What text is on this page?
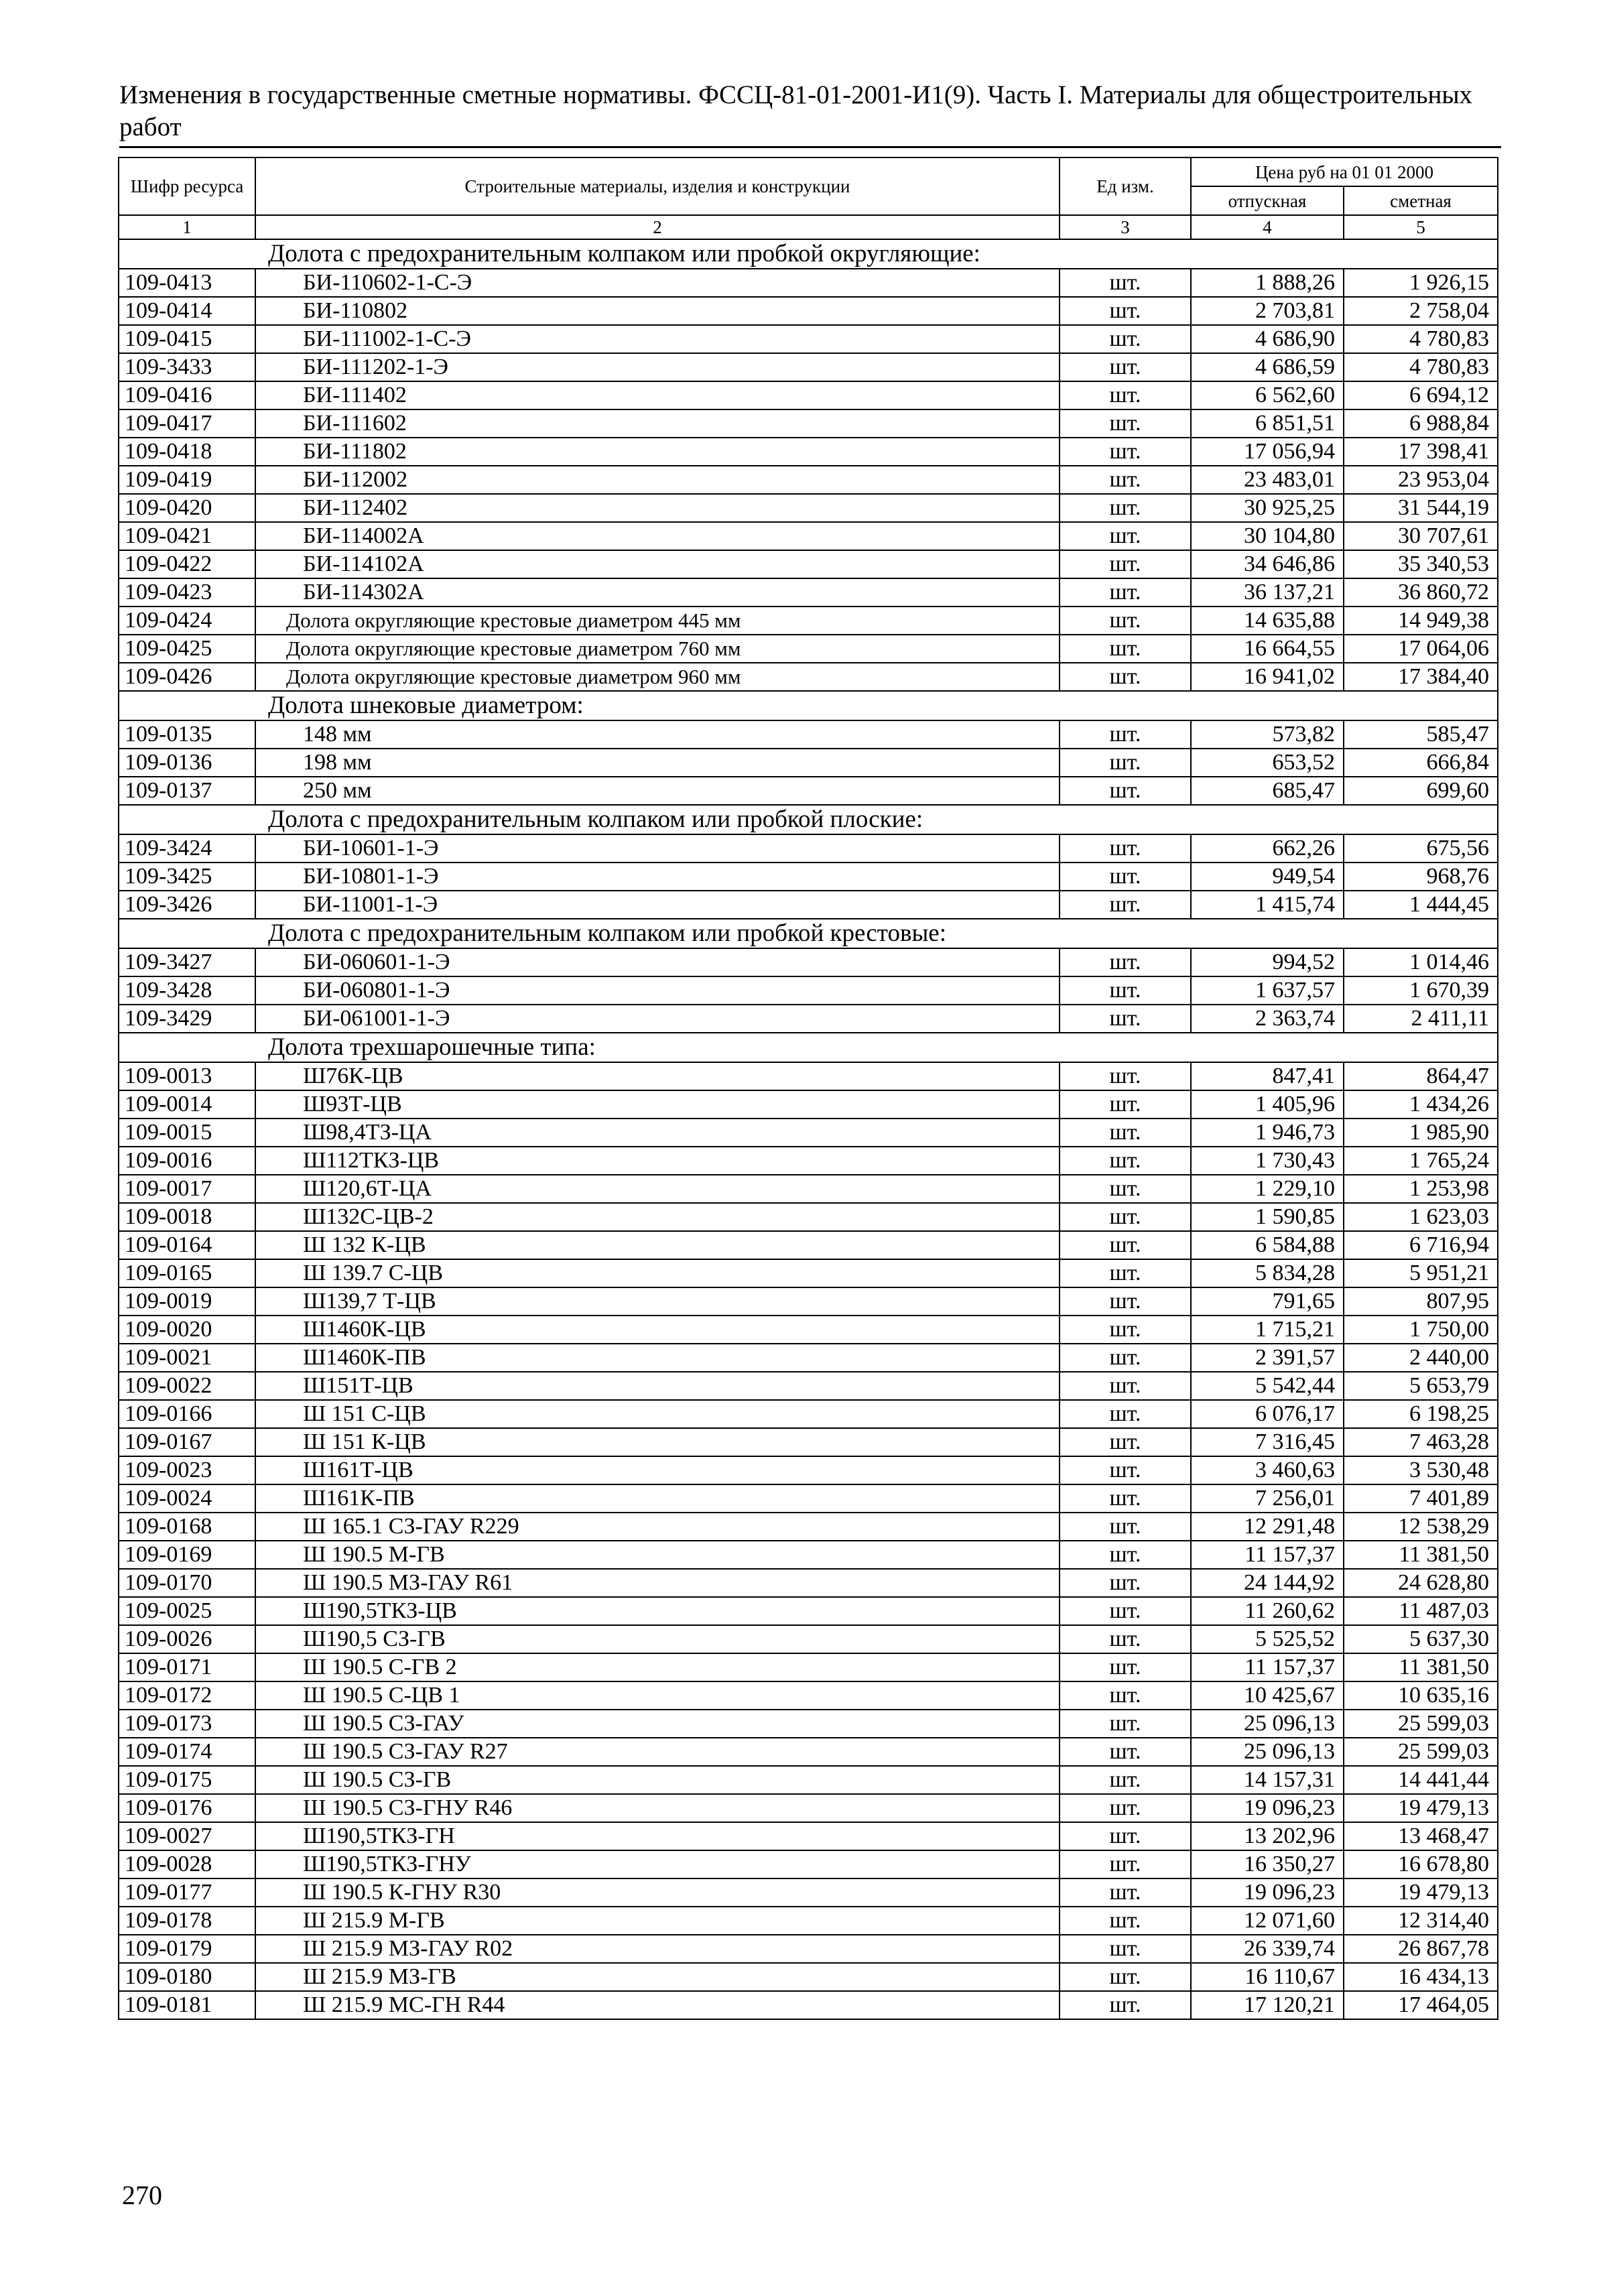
Изменения в государственные сметные нормативы. ФССЦ-81-01-2001-И1(9). Часть I. Материалы для общестроительных работ
Шифр ресурса	Строительные материалы, изделия и конструкции	Ед изм.	Цена руб на 01 01 2000	
			отпускная	сметная
1	2	3	4	5
Долота с предохранительным колпаком или пробкой округляющие:				
109-0413	БИ-110602-1-С-Э	шт.	1 888,26	1 926,15
109-0414	БИ-110802	шт.	2 703,81	2 758,04
109-0415	БИ-111002-1-С-Э	шт.	4 686,90	4 780,83
109-3433	БИ-111202-1-Э	шт.	4 686,59	4 780,83
109-0416	БИ-111402	шт.	6 562,60	6 694,12
109-0417	БИ-111602	шт.	6 851,51	6 988,84
109-0418	БИ-111802	шт.	17 056,94	17 398,41
109-0419	БИ-112002	шт.	23 483,01	23 953,04
109-0420	БИ-112402	шт.	30 925,25	31 544,19
109-0421	БИ-114002А	шт.	30 104,80	30 707,61
109-0422	БИ-114102А	шт.	34 646,86	35 340,53
109-0423	БИ-114302А	шт.	36 137,21	36 860,72
109-0424	Долота округляющие крестовые диаметром 445 мм	шт.	14 635,88	14 949,38
109-0425	Долота округляющие крестовые диаметром 760 мм	шт.	16 664,55	17 064,06
109-0426	Долота округляющие крестовые диаметром 960 мм	шт.	16 941,02	17 384,40
Долота шнековые диаметром:				
109-0135	148 мм	шт.	573,82	585,47
109-0136	198 мм	шт.	653,52	666,84
109-0137	250 мм	шт.	685,47	699,60
Долота с предохранительным колпаком или пробкой плоские:				
109-3424	БИ-10601-1-Э	шт.	662,26	675,56
109-3425	БИ-10801-1-Э	шт.	949,54	968,76
109-3426	БИ-11001-1-Э	шт.	1 415,74	1 444,45
Долота с предохранительным колпаком или пробкой крестовые:				
109-3427	БИ-060601-1-Э	шт.	994,52	1 014,46
109-3428	БИ-060801-1-Э	шт.	1 637,57	1 670,39
109-3429	БИ-061001-1-Э	шт.	2 363,74	2 411,11
Долота трехшарошечные типа:				
109-0013	Ш76К-ЦВ	шт.	847,41	864,47
109-0014	Ш93Т-ЦВ	шт.	1 405,96	1 434,26
109-0015	Ш98,4ТЗ-ЦА	шт.	1 946,73	1 985,90
109-0016	Ш112ТКЗ-ЦВ	шт.	1 730,43	1 765,24
109-0017	Ш120,6Т-ЦА	шт.	1 229,10	1 253,98
109-0018	Ш132С-ЦВ-2	шт.	1 590,85	1 623,03
109-0164	Ш 132 К-ЦВ	шт.	6 584,88	6 716,94
109-0165	Ш 139.7 С-ЦВ	шт.	5 834,28	5 951,21
109-0019	Ш139,7 Т-ЦВ	шт.	791,65	807,95
109-0020	Ш1460К-ЦВ	шт.	1 715,21	1 750,00
109-0021	Ш1460К-ПВ	шт.	2 391,57	2 440,00
109-0022	Ш151Т-ЦВ	шт.	5 542,44	5 653,79
109-0166	Ш 151 С-ЦВ	шт.	6 076,17	6 198,25
109-0167	Ш 151 К-ЦВ	шт.	7 316,45	7 463,28
109-0023	Ш161Т-ЦВ	шт.	3 460,63	3 530,48
109-0024	Ш161К-ПВ	шт.	7 256,01	7 401,89
109-0168	Ш 165.1 СЗ-ГАУ R229	шт.	12 291,48	12 538,29
109-0169	Ш 190.5 М-ГВ	шт.	11 157,37	11 381,50
109-0170	Ш 190.5 МЗ-ГАУ R61	шт.	24 144,92	24 628,80
109-0025	Ш190,5ТКЗ-ЦВ	шт.	11 260,62	11 487,03
109-0026	Ш190,5 СЗ-ГВ	шт.	5 525,52	5 637,30
109-0171	Ш 190.5 С-ГВ 2	шт.	11 157,37	11 381,50
109-0172	Ш 190.5 С-ЦВ 1	шт.	10 425,67	10 635,16
109-0173	Ш 190.5 СЗ-ГАУ	шт.	25 096,13	25 599,03
109-0174	Ш 190.5 СЗ-ГАУ R27	шт.	25 096,13	25 599,03
109-0175	Ш 190.5 СЗ-ГВ	шт.	14 157,31	14 441,44
109-0176	Ш 190.5 СЗ-ГНУ R46	шт.	19 096,23	19 479,13
109-0027	Ш190,5ТКЗ-ГН	шт.	13 202,96	13 468,47
109-0028	Ш190,5ТКЗ-ГНУ	шт.	16 350,27	16 678,80
109-0177	Ш 190.5 К-ГНУ R30	шт.	19 096,23	19 479,13
109-0178	Ш 215.9 М-ГВ	шт.	12 071,60	12 314,40
109-0179	Ш 215.9 МЗ-ГАУ R02	шт.	26 339,74	26 867,78
109-0180	Ш 215.9 МЗ-ГВ	шт.	16 110,67	16 434,13
109-0181	Ш 215.9 МС-ГН R44	шт.	17 120,21	17 464,05

270
